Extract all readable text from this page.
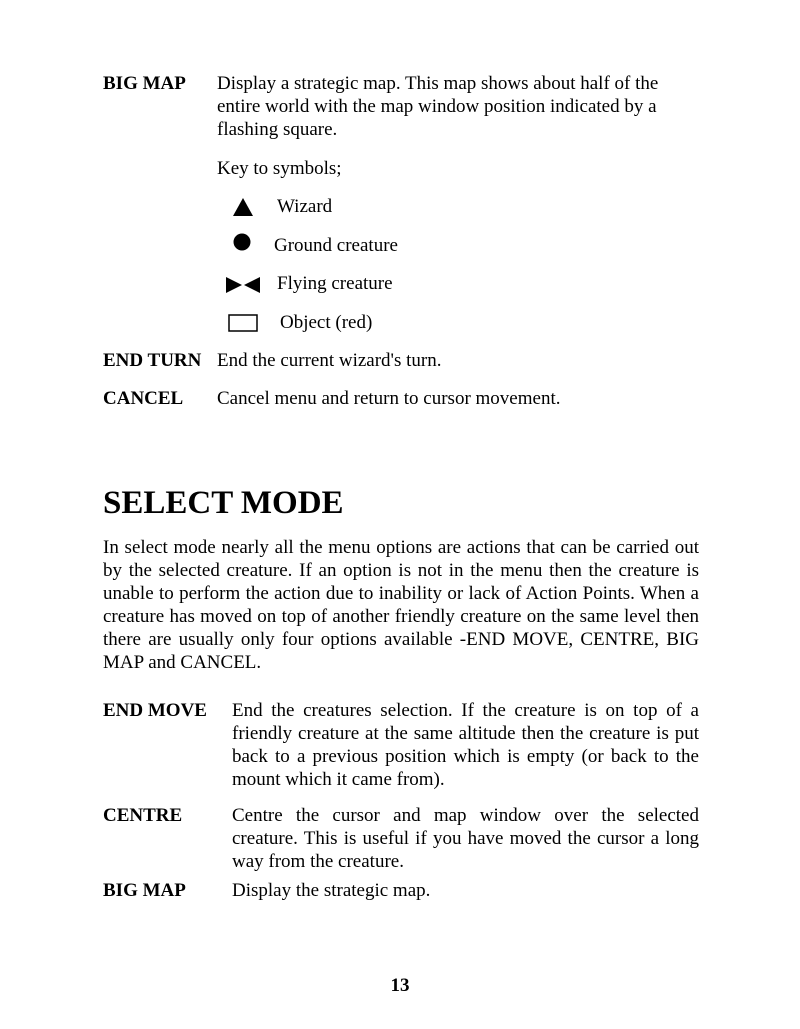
BIG MAP Display a strategic map. This map shows about half of the entire world with the map window position indicated by a flashing square.
Key to symbols;
Wizard
Ground creature
Flying creature
Object (red)
END TURN End the current wizard's turn.
CANCEL Cancel menu and return to cursor movement.
SELECT MODE
In select mode nearly all the menu options are actions that can be carried out by the selected creature. If an option is not in the menu then the creature is unable to perform the action due to inability or lack of Action Points. When a creature has moved on top of another friendly creature on the same level then there are usually only four options available -END MOVE, CENTRE, BIG MAP and CANCEL.
END MOVE End the creatures selection. If the creature is on top of a friendly creature at the same altitude then the creature is put back to a previous position which is empty (or back to the mount which it came from).
CENTRE	Centre the cursor and map window over the selected creature. This is useful if you have moved the cursor a long way from the creature.
BIG MAP Display the strategic map.
13
